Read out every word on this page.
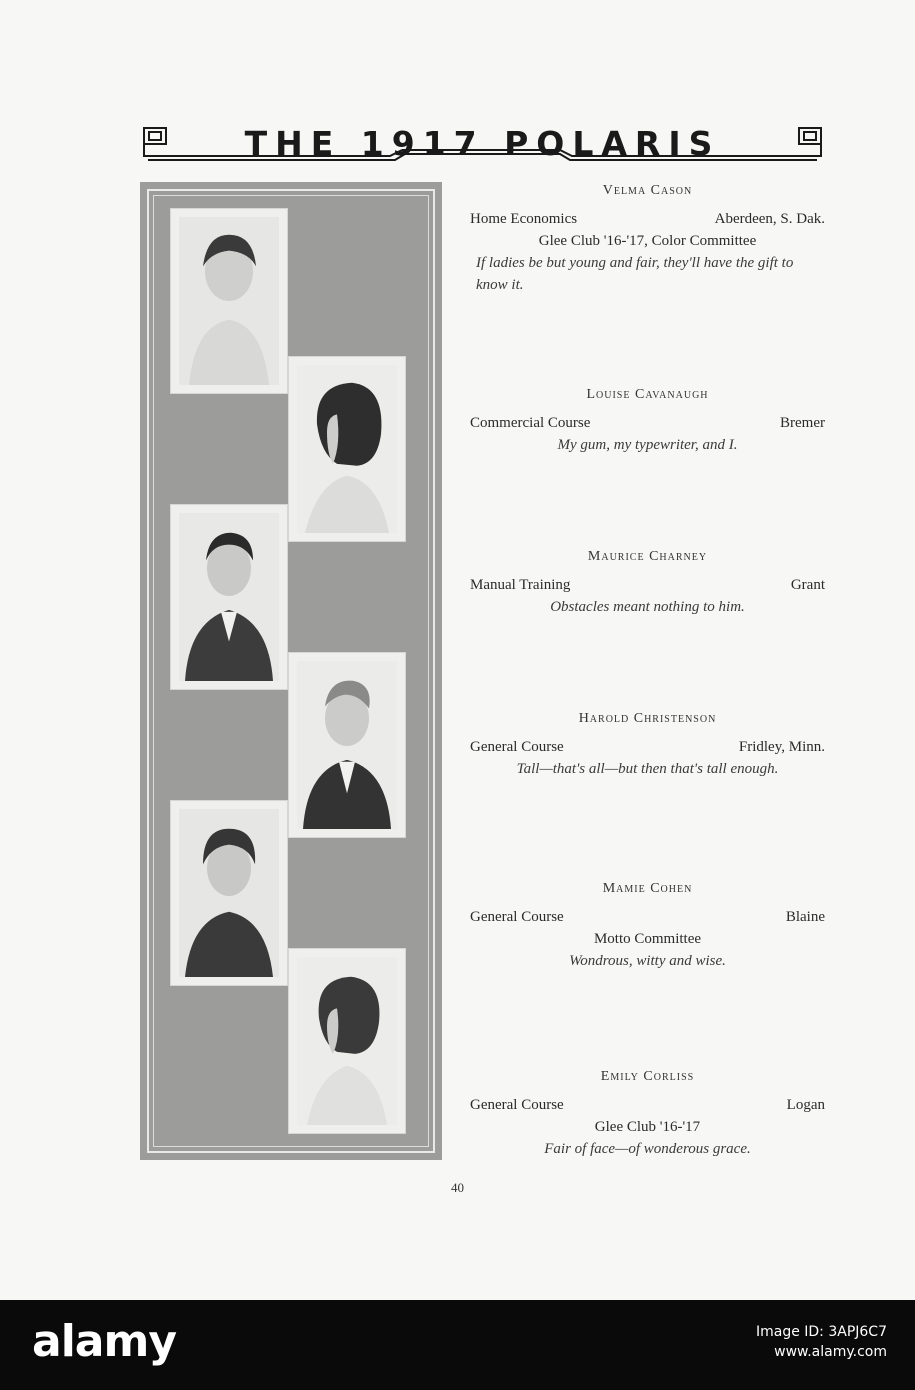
THE 1917 POLARIS
Velma Cason
Home Economics	Aberdeen, S. Dak.
Glee Club '16-'17, Color Committee
If ladies be but young and fair, they'll have the gift to know it.
Louise Cavanaugh
Commercial Course	Bremer
My gum, my typewriter, and I.
Maurice Charney
Manual Training	Grant
Obstacles meant nothing to him.
Harold Christenson
General Course	Fridley, Minn.
Tall—that's all—but then that's tall enough.
Mamie Cohen
General Course	Blaine
Motto Committee
Wondrous, witty and wise.
Emily Corliss
General Course	Logan
Glee Club '16-'17
Fair of face—of wonderous grace.
40
alamy	Image ID: 3APJ6C7
www.alamy.com
